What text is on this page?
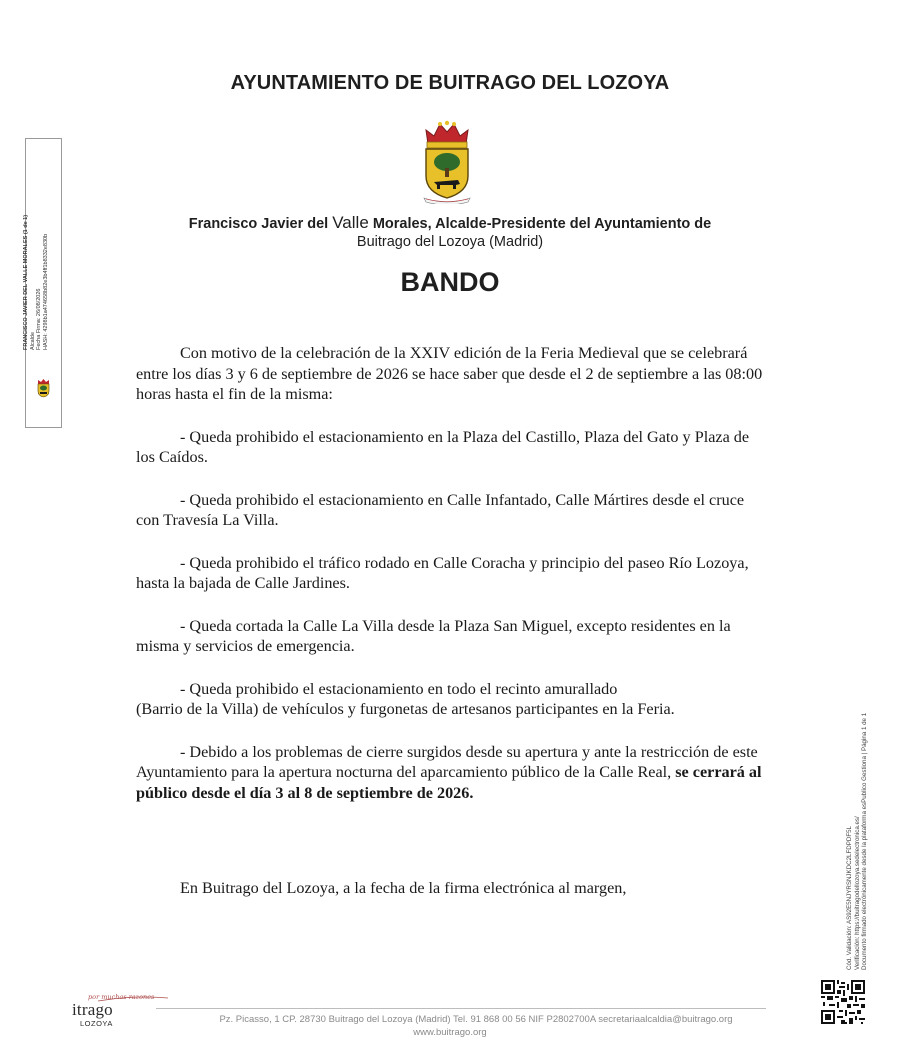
AYUNTAMIENTO DE BUITRAGO DEL LOZOYA
Francisco Javier del Valle Morales, Alcalde-Presidente del Ayuntamiento de
Buitrago del Lozoya (Madrid)
BANDO

Con motivo de la celebración de la XXIV edición de la Feria Medieval que se celebrará entre los días 3 y 6 de septiembre de 2026 se hace saber que desde el 2 de septiembre a las 08:00 horas hasta el fin de la misma:

- Queda prohibido el estacionamiento en la Plaza del Castillo, Plaza del Gato y Plaza de los Caídos.

- Queda prohibido el estacionamiento en Calle Infantado, Calle Mártires desde el cruce con Travesía La Villa.

- Queda prohibido el tráfico rodado en Calle Coracha y principio del paseo Río Lozoya, hasta la bajada de Calle Jardines.

- Queda cortada la Calle La Villa desde la Plaza San Miguel, excepto residentes en la misma y servicios de emergencia.

- Queda prohibido el estacionamiento en todo el recinto amurallado
(Barrio de la Villa) de vehículos y furgonetas de artesanos participantes en la Feria.

- Debido a los problemas de cierre surgidos desde su apertura y ante la restricción de este Ayuntamiento para la apertura nocturna del aparcamiento público de la Calle Real, se cerrará al público desde el día 3 al 8 de septiembre de 2026.

En Buitrago del Lozoya, a la fecha de la firma electrónica al margen,
FRANCISCO JAVIER DEL VALLE MORALES (1 de 1) Alcalde Fecha Firma: 26/08/2026 HASH: 4298b1a474658b82e3b4ff1b8332e830b
Cód. Validación: AS92E5NJYRSNJKDC2LFDPDF5L Verificación: https://buitragodellozoya.sedelectronica.es/ Documento firmado electrónicamente desde la plataforma esPublico Gestiona | Página 1 de 1
por muchas razones
itrago
LOZOYA	Pz. Picasso, 1 CP. 28730 Buitrago del Lozoya (Madrid) Tel. 91 868 00 56 NIF P2802700A secretariaalcaldia@buitrago.org
www.buitrago.org
